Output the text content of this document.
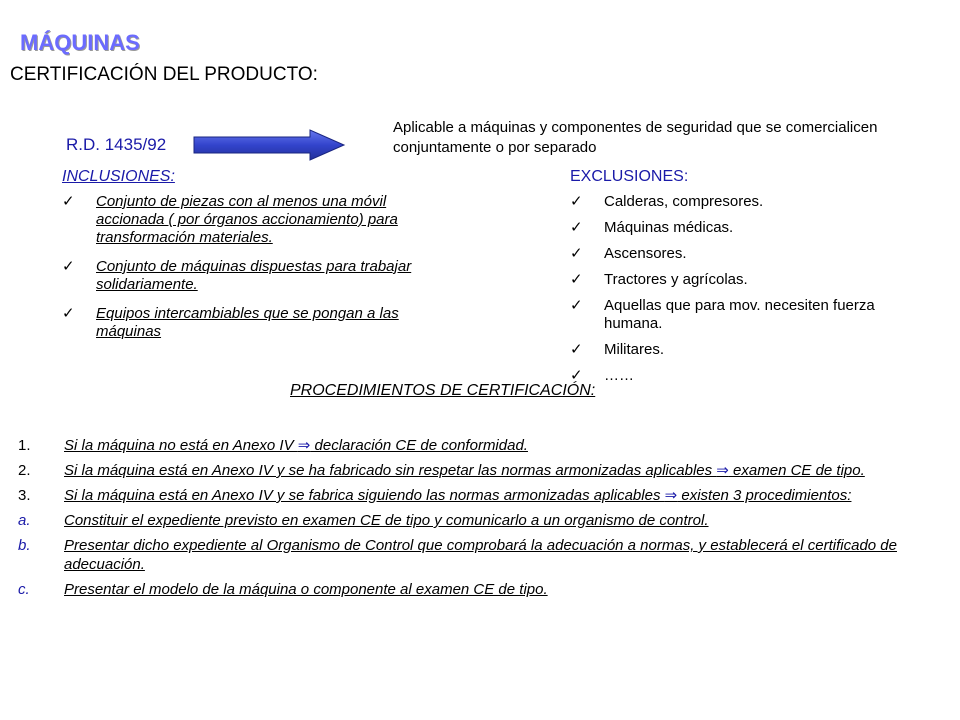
MÁQUINAS
CERTIFICACIÓN DEL PRODUCTO:
R.D. 1435/92
Aplicable a máquinas y componentes de seguridad que se comercialicen conjuntamente o por separado
INCLUSIONES:
✓ Conjunto de piezas con al menos una móvil accionada ( por órganos accionamiento) para transformación materiales.
✓ Conjunto de máquinas dispuestas para trabajar solidariamente.
✓ Equipos intercambiables que se pongan a las máquinas
EXCLUSIONES:
✓ Calderas, compresores.
✓ Máquinas médicas.
✓ Ascensores.
✓ Tractores y agrícolas.
✓ Aquellas que para mov. necesiten fuerza humana.
✓ Militares.
✓ ……
PROCEDIMIENTOS DE CERTIFICACIÓN:
1. Si la máquina no está en Anexo IV ⇒ declaración CE de conformidad.
2. Si la máquina está en Anexo IV y se ha fabricado sin respetar las normas armonizadas aplicables ⇒ examen CE de tipo.
3. Si la máquina está en Anexo IV y se fabrica siguiendo las normas armonizadas aplicables ⇒ existen 3 procedimientos:
a. Constituir el expediente previsto en examen CE de tipo y comunicarlo a un organismo de control.
b. Presentar dicho expediente al Organismo de Control que comprobará la adecuación a normas, y establecerá el certificado de adecuación.
c. Presentar el modelo de la máquina o componente al examen CE de tipo.
